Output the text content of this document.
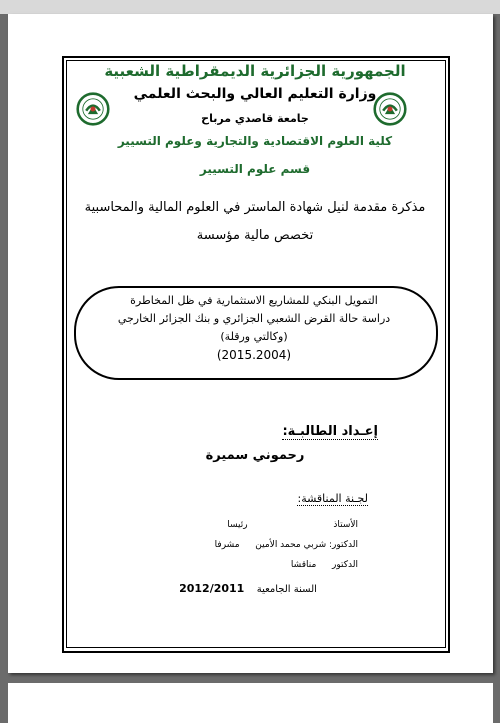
الجمهورية الجزائرية الديمقراطية الشعبية
وزارة التعليم العالي والبحث العلمي
جامعة قاصدي مرباح
كلية العلوم الاقتصادية والتجارية وعلوم التسيير
قسم علوم التسيير
مذكرة مقدمة لنيل شهادة الماستر في العلوم المالية والمحاسبية
تخصص مالية مؤسسة
التمويل البنكي للمشاريع الاستثمارية في ظل المخاطرة
دراسة حالة القرض الشعبي الجزائري و بنك الجزائر الخارجي
(وكالتي ورقلة)
(2015.2004)
إعـداد الطالبـة:
رحموني سميرة
لجـنة المناقشة:
الأستاذ  رئيسا
الدكتور: شربي محمد الأمين  مشرفا
الدكتور  مناقشا
السنة الجامعية  2012/2011
